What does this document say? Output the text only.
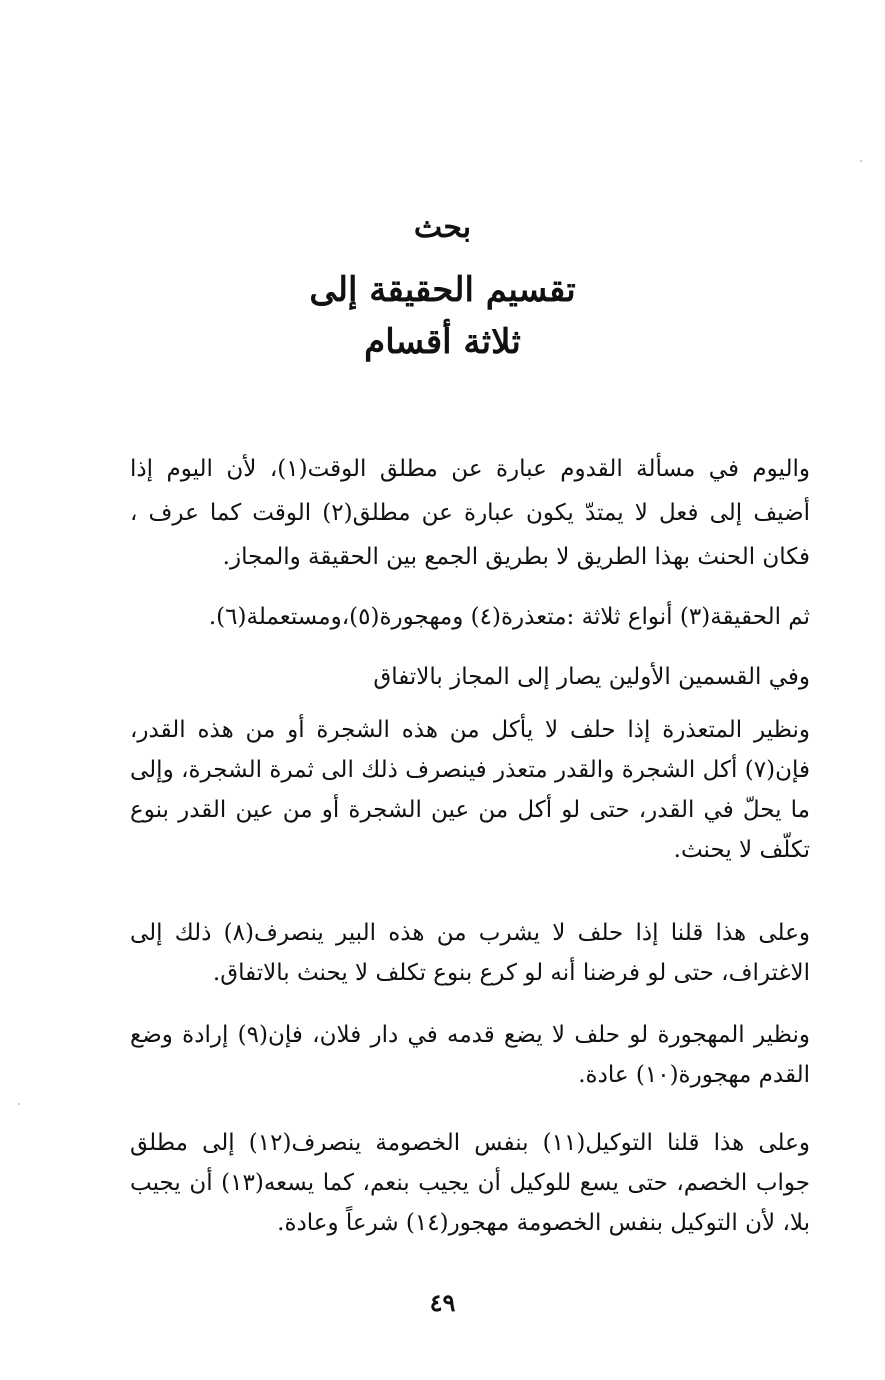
بحث

تقسيم الحقيقة إلى

ثلاثة أقسام

واليوم في مسألة القدوم عبارة عن مطلق الوقت(١)، لأن اليوم إذا أضيف إلى فعل لا يمتدّ يكون عبارة عن مطلق(٢) الوقت كما عرف ، فكان الحنث بهذا الطريق لا بطريق الجمع بين الحقيقة والمجاز.

ثم الحقيقة(٣) أنواع ثلاثة :متعذرة(٤) ومهجورة(٥)،ومستعملة(٦).

وفي القسمين الأولين يصار إلى المجاز بالاتفاق

ونظير المتعذرة إذا حلف لا يأكل من هذه الشجرة أو من هذه القدر، فإن(٧) أكل الشجرة والقدر متعذر فينصرف ذلك الى ثمرة الشجرة، وإلى ما يحلّ في القدر، حتى لو أكل من عين الشجرة أو من عين القدر بنوع تكلّف لا يحنث.

وعلى هذا قلنا إذا حلف لا يشرب من هذه البير ينصرف(٨) ذلك إلى الاغتراف، حتى لو فرضنا أنه لو كرع بنوع تكلف لا يحنث بالاتفاق.

ونظير المهجورة لو حلف لا يضع قدمه في دار فلان، فإن(٩) إرادة وضع القدم مهجورة(١٠) عادة.

وعلى هذا قلنا التوكيل(١١) بنفس الخصومة ينصرف(١٢) إلى مطلق جواب الخصم، حتى يسع للوكيل أن يجيب بنعم، كما يسعه(١٣) أن يجيب بلا، لأن التوكيل بنفس الخصومة مهجور(١٤) شرعاً وعادة.

٤٩
